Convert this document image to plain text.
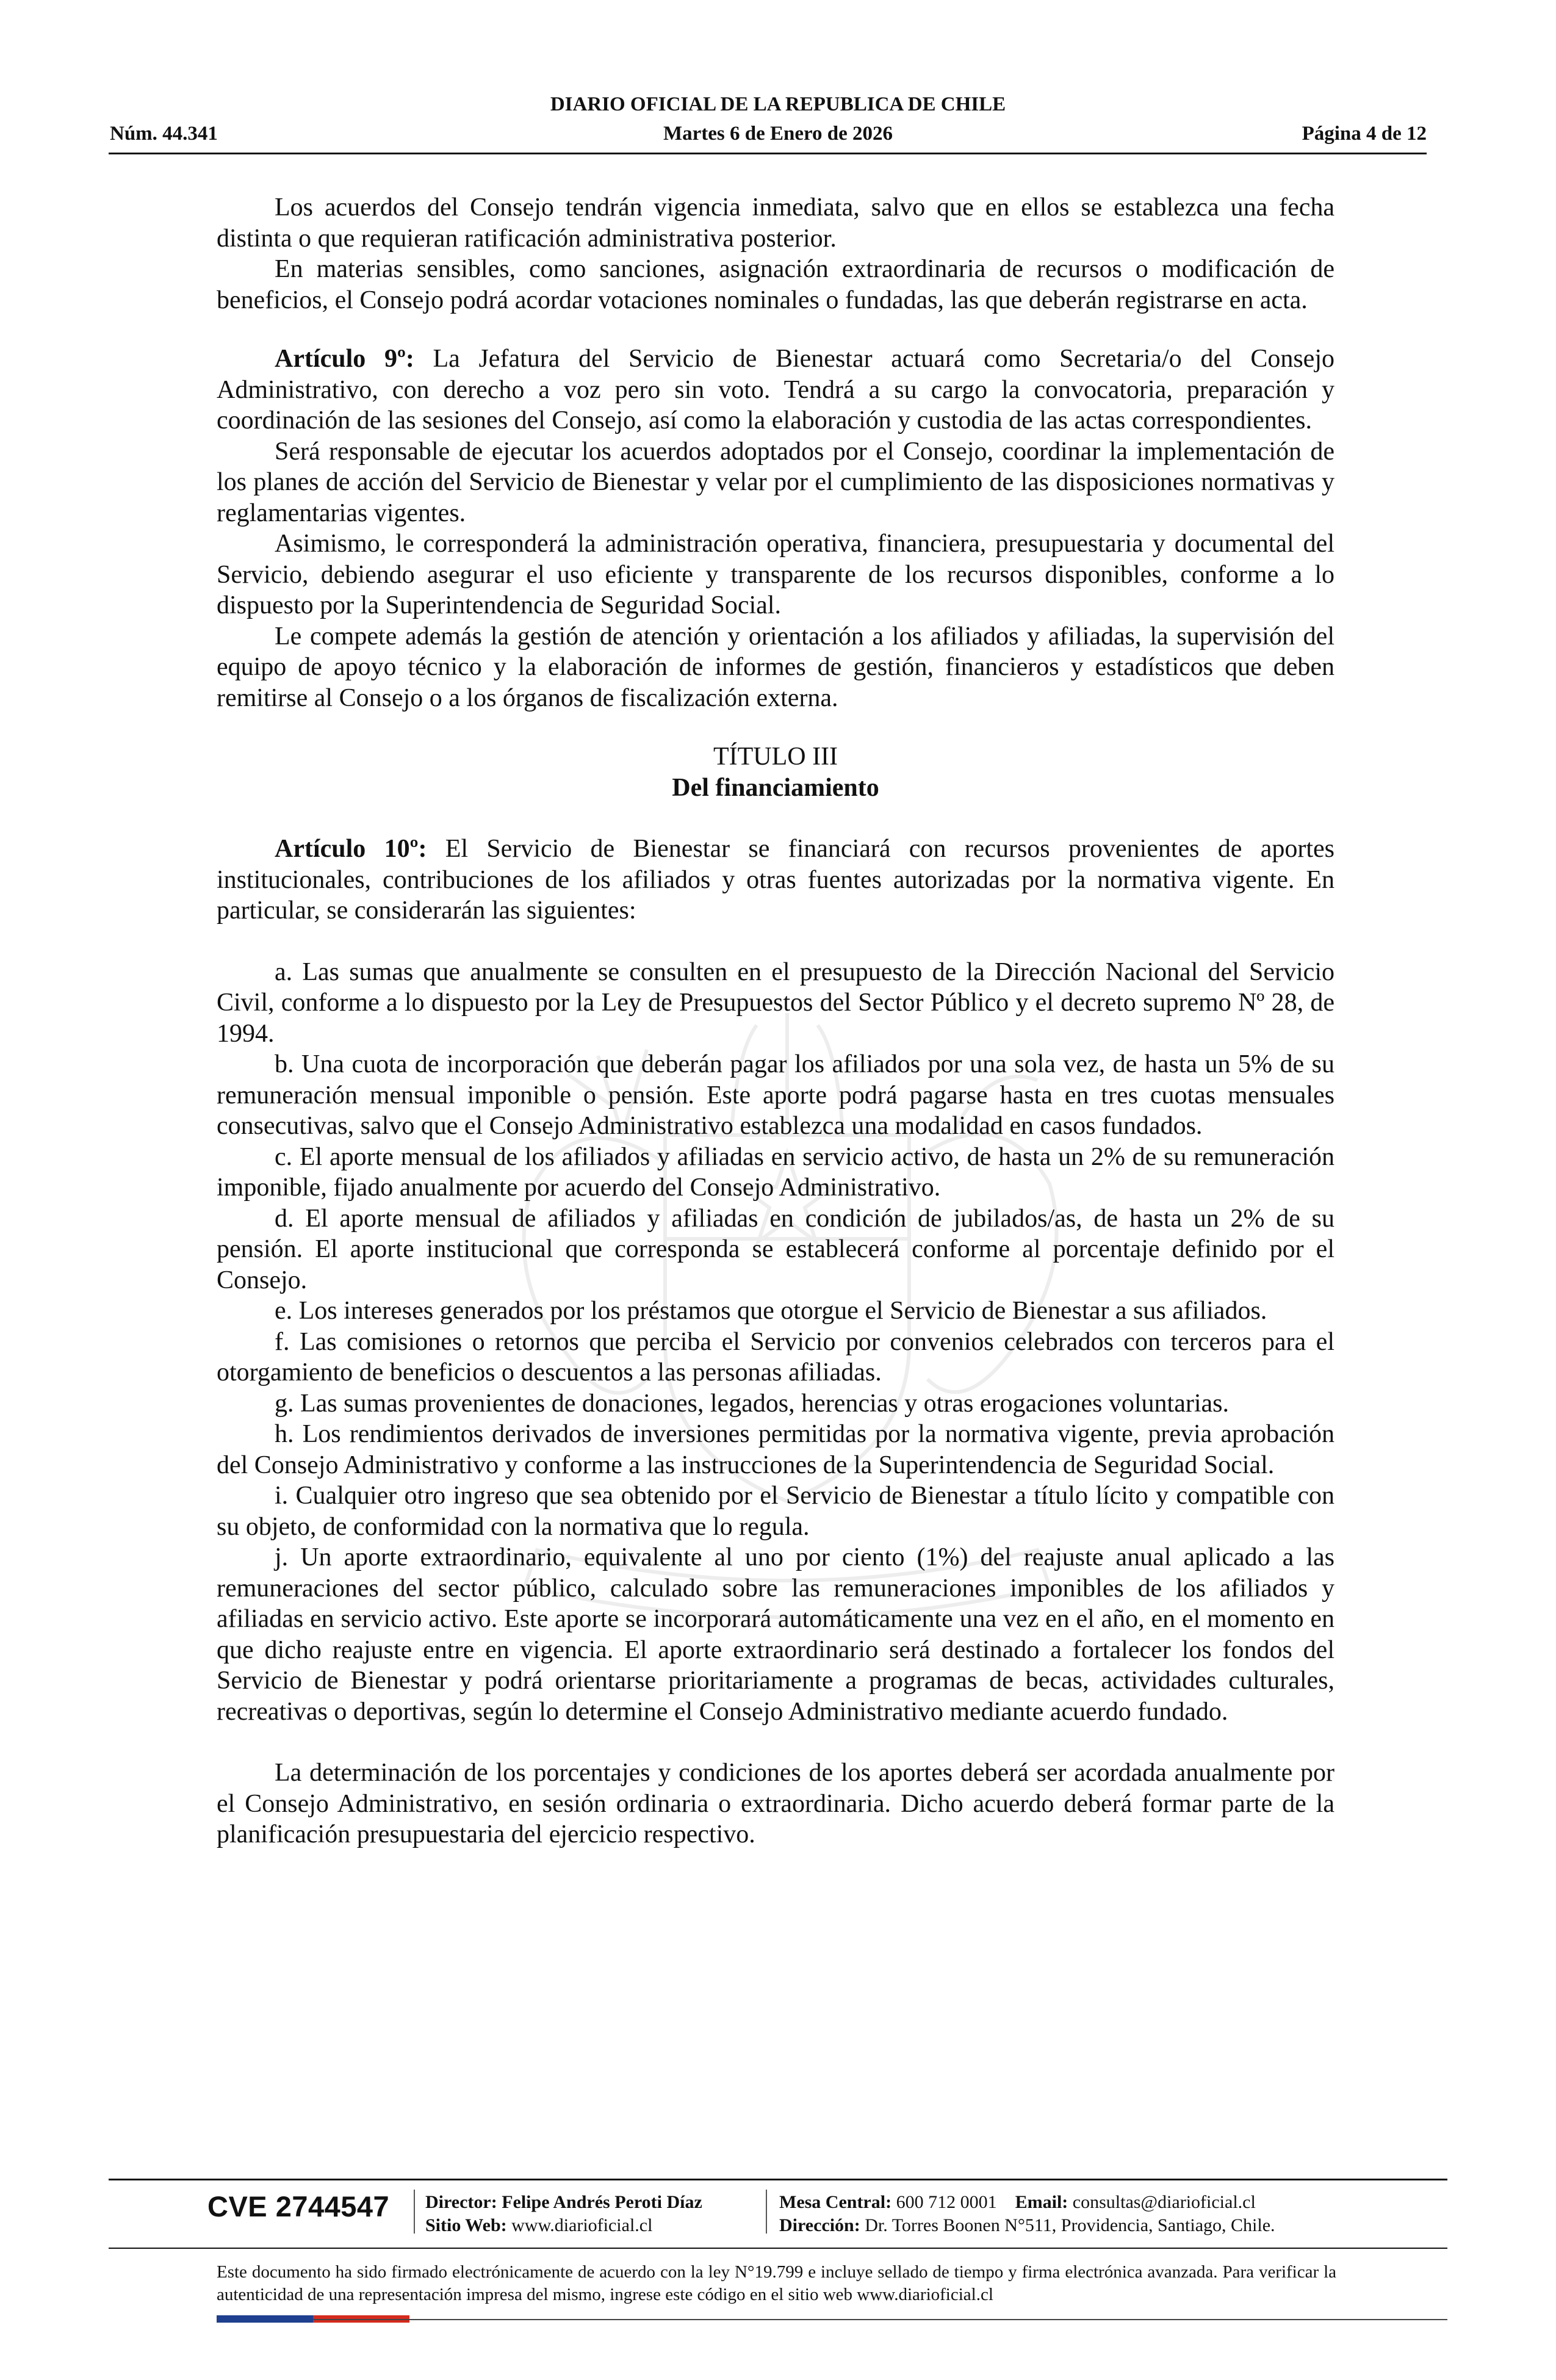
DIARIO OFICIAL DE LA REPUBLICA DE CHILE
Martes 6 de Enero de 2026
Núm. 44.341	Página 4 de 12

Los acuerdos del Consejo tendrán vigencia inmediata, salvo que en ellos se establezca una fecha distinta o que requieran ratificación administrativa posterior.

En materias sensibles, como sanciones, asignación extraordinaria de recursos o modificación de beneficios, el Consejo podrá acordar votaciones nominales o fundadas, las que deberán registrarse en acta.

Artículo 9º: La Jefatura del Servicio de Bienestar actuará como Secretaria/o del Consejo Administrativo, con derecho a voz pero sin voto. Tendrá a su cargo la convocatoria, preparación y coordinación de las sesiones del Consejo, así como la elaboración y custodia de las actas correspondientes.

Será responsable de ejecutar los acuerdos adoptados por el Consejo, coordinar la implementación de los planes de acción del Servicio de Bienestar y velar por el cumplimiento de las disposiciones normativas y reglamentarias vigentes.

Asimismo, le corresponderá la administración operativa, financiera, presupuestaria y documental del Servicio, debiendo asegurar el uso eficiente y transparente de los recursos disponibles, conforme a lo dispuesto por la Superintendencia de Seguridad Social.

Le compete además la gestión de atención y orientación a los afiliados y afiliadas, la supervisión del equipo de apoyo técnico y la elaboración de informes de gestión, financieros y estadísticos que deben remitirse al Consejo o a los órganos de fiscalización externa.

TÍTULO III

Del financiamiento

Artículo 10º: El Servicio de Bienestar se financiará con recursos provenientes de aportes institucionales, contribuciones de los afiliados y otras fuentes autorizadas por la normativa vigente. En particular, se considerarán las siguientes:

a. Las sumas que anualmente se consulten en el presupuesto de la Dirección Nacional del Servicio Civil, conforme a lo dispuesto por la Ley de Presupuestos del Sector Público y el decreto supremo Nº 28, de 1994.

b. Una cuota de incorporación que deberán pagar los afiliados por una sola vez, de hasta un 5% de su remuneración mensual imponible o pensión. Este aporte podrá pagarse hasta en tres cuotas mensuales consecutivas, salvo que el Consejo Administrativo establezca una modalidad en casos fundados.

c. El aporte mensual de los afiliados y afiliadas en servicio activo, de hasta un 2% de su remuneración imponible, fijado anualmente por acuerdo del Consejo Administrativo.

d. El aporte mensual de afiliados y afiliadas en condición de jubilados/as, de hasta un 2% de su pensión. El aporte institucional que corresponda se establecerá conforme al porcentaje definido por el Consejo.

e. Los intereses generados por los préstamos que otorgue el Servicio de Bienestar a sus afiliados.

f. Las comisiones o retornos que perciba el Servicio por convenios celebrados con terceros para el otorgamiento de beneficios o descuentos a las personas afiliadas.

g. Las sumas provenientes de donaciones, legados, herencias y otras erogaciones voluntarias.

h. Los rendimientos derivados de inversiones permitidas por la normativa vigente, previa aprobación del Consejo Administrativo y conforme a las instrucciones de la Superintendencia de Seguridad Social.

i. Cualquier otro ingreso que sea obtenido por el Servicio de Bienestar a título lícito y compatible con su objeto, de conformidad con la normativa que lo regula.

j. Un aporte extraordinario, equivalente al uno por ciento (1%) del reajuste anual aplicado a las remuneraciones del sector público, calculado sobre las remuneraciones imponibles de los afiliados y afiliadas en servicio activo. Este aporte se incorporará automáticamente una vez en el año, en el momento en que dicho reajuste entre en vigencia. El aporte extraordinario será destinado a fortalecer los fondos del Servicio de Bienestar y podrá orientarse prioritariamente a programas de becas, actividades culturales, recreativas o deportivas, según lo determine el Consejo Administrativo mediante acuerdo fundado.

La determinación de los porcentajes y condiciones de los aportes deberá ser acordada anualmente por el Consejo Administrativo, en sesión ordinaria o extraordinaria. Dicho acuerdo deberá formar parte de la planificación presupuestaria del ejercicio respectivo.

CVE 2744547 Director: Felipe Andrés Peroti Díaz
Sitio Web: www.diarioficial.cl
Mesa Central: 600 712 0001 Email: consultas@diarioficial.cl
Dirección: Dr. Torres Boonen N°511, Providencia, Santiago, Chile.
Este documento ha sido firmado electrónicamente de acuerdo con la ley N°19.799 e incluye sellado de tiempo y firma electrónica avanzada. Para verificar la autenticidad de una representación impresa del mismo, ingrese este código en el sitio web www.diarioficial.cl
